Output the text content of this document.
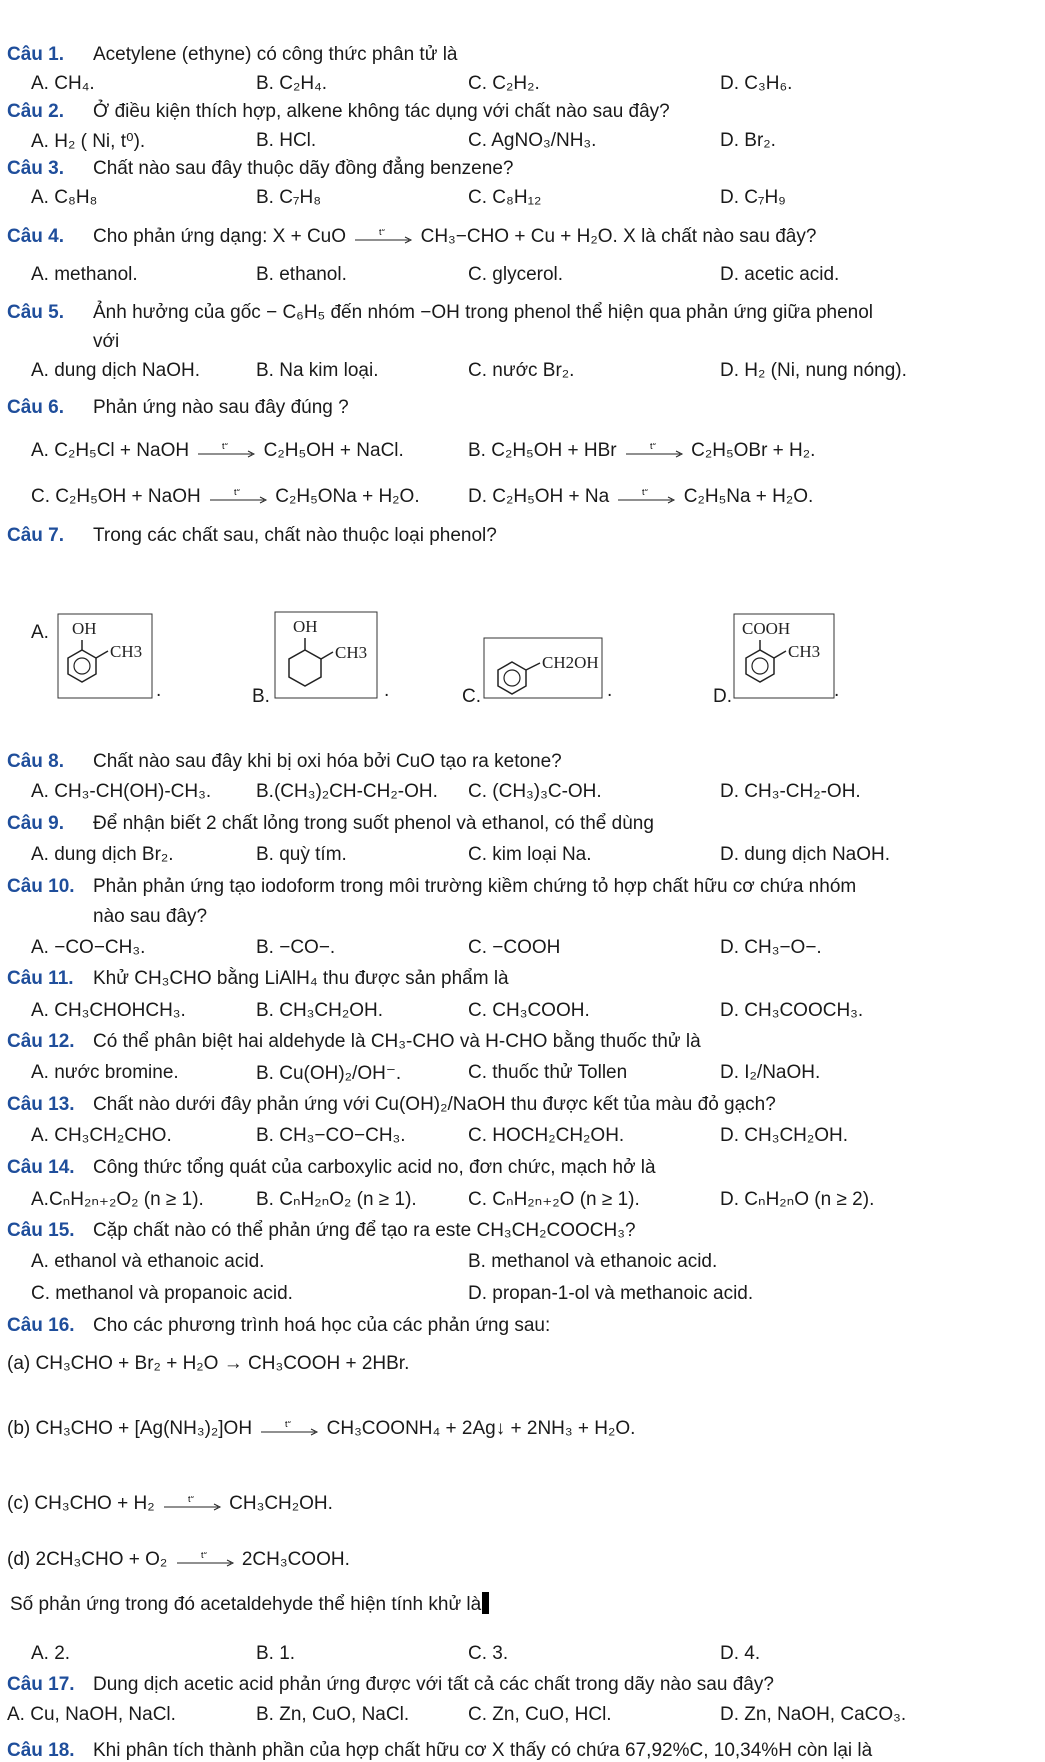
Câu 1. Acetylene (ethyne) có công thức phân tử là
A. CH₄.	B. C₂H₄.	C. C₂H₂.	D. C₃H₆.
Câu 2. Ở điều kiện thích hợp, alkene không tác dụng với chất nào sau đây?
A. H₂ ( Ni, t⁰).	B. HCl.	C. AgNO₃/NH₃.	D. Br₂.
Câu 3. Chất nào sau đây thuộc dãy đồng đẳng benzene?
A. C₈H₈	B. C₇H₈	C. C₈H₁₂	D. C₇H₉
Câu 4. Cho phản ứng dạng: X + CuO	t° CH₃−CHO + Cu + H₂O. X là chất nào sau đây?
A. methanol.	B. ethanol.	C. glycerol.	D. acetic acid.
Câu 5. Ảnh hưởng của gốc − C₆H₅ đến nhóm −OH trong phenol thể hiện qua phản ứng giữa phenol
với
A. dung dịch NaOH.	B. Na kim loại.	C. nước Br₂.	D. H₂ (Ni, nung nóng).
Câu 6. Phản ứng nào sau đây đúng ?
A. C₂H₅Cl + NaOH	t° C₂H₅OH + NaCl.	B. C₂H₅OH + HBr	t° C₂H₅OBr + H₂.
C. C₂H₅OH + NaOH	t° C₂H₅ONa + H₂O.	D. C₂H₅OH + Na	t° C₂H₅Na + H₂O.
Câu 7. Trong các chất sau, chất nào thuộc loại phenol?
A. OH
CH3
.	B.
OH
CH3
.	C.
CH2OH
.	D.
COOH
CH3
.
Câu 8. Chất nào sau đây khi bị oxi hóa bởi CuO tạo ra ketone?
A. CH₃-CH(OH)-CH₃. B.(CH₃)₂CH-CH₂-OH. C. (CH₃)₃C-OH.	D. CH₃-CH₂-OH.
Câu 9. Để nhận biết 2 chất lỏng trong suốt phenol và ethanol, có thể dùng
A. dung dịch Br₂.	B. quỳ tím.	C. kim loại Na.	D. dung dịch NaOH.
Câu 10. Phản phản ứng tạo iodoform trong môi trường kiềm chứng tỏ hợp chất hữu cơ chứa nhóm
nào sau đây?
A. −CO−CH₃.	B. −CO−.	C. −COOH	D. CH₃−O−.
Câu 11. Khử CH₃CHO bằng LiAlH₄ thu được sản phẩm là
A. CH₃CHOHCH₃.	B. CH₃CH₂OH.	C. CH₃COOH.	D. CH₃COOCH₃.
Câu 12. Có thể phân biệt hai aldehyde là CH₃-CHO và H-CHO bằng thuốc thử là
A. nước bromine.	B. Cu(OH)₂/OH⁻.	C. thuốc thử Tollen	D. I₂/NaOH.
Câu 13. Chất nào dưới đây phản ứng với Cu(OH)₂/NaOH thu được kết tủa màu đỏ gạch?
A. CH₃CH₂CHO.	B. CH₃−CO−CH₃.	C. HOCH₂CH₂OH.	D. CH₃CH₂OH.
Câu 14. Công thức tổng quát của carboxylic acid no, đơn chức, mạch hở là
A.CₙH₂ₙ₊₂O₂ (n ≥ 1).	B. CₙH₂ₙO₂ (n ≥ 1).	C. CₙH₂ₙ₊₂O (n ≥ 1).	D. CₙH₂ₙO (n ≥ 2).
Câu 15. Cặp chất nào có thể phản ứng để tạo ra este CH₃CH₂COOCH₃?
A. ethanol và ethanoic acid.	B. methanol và ethanoic acid.
C. methanol và propanoic acid.	D. propan-1-ol và methanoic acid.
Câu 16. Cho các phương trình hoá học của các phản ứng sau:
(a) CH₃CHO + Br₂ + H₂O → CH₃COOH + 2HBr.
(b) CH₃CHO + [Ag(NH₃)₂]OH	t° CH₃COONH₄ + 2Ag↓ + 2NH₃ + H₂O.
(c) CH₃CHO + H₂	t° CH₃CH₂OH.
(d) 2CH₃CHO + O₂	t° 2CH₃COOH.
Số phản ứng trong đó acetaldehyde thể hiện tính khử là
A. 2.	B. 1.	C. 3.	D. 4.
Câu 17. Dung dịch acetic acid phản ứng được với tất cả các chất trong dãy nào sau đây?
A. Cu, NaOH, NaCl.	B. Zn, CuO, NaCl.	C. Zn, CuO, HCl.	D. Zn, NaOH, CaCO₃.
Câu 18. Khi phân tích thành phần của hợp chất hữu cơ X thấy có chứa 67,92%C, 10,34%H còn lại là
